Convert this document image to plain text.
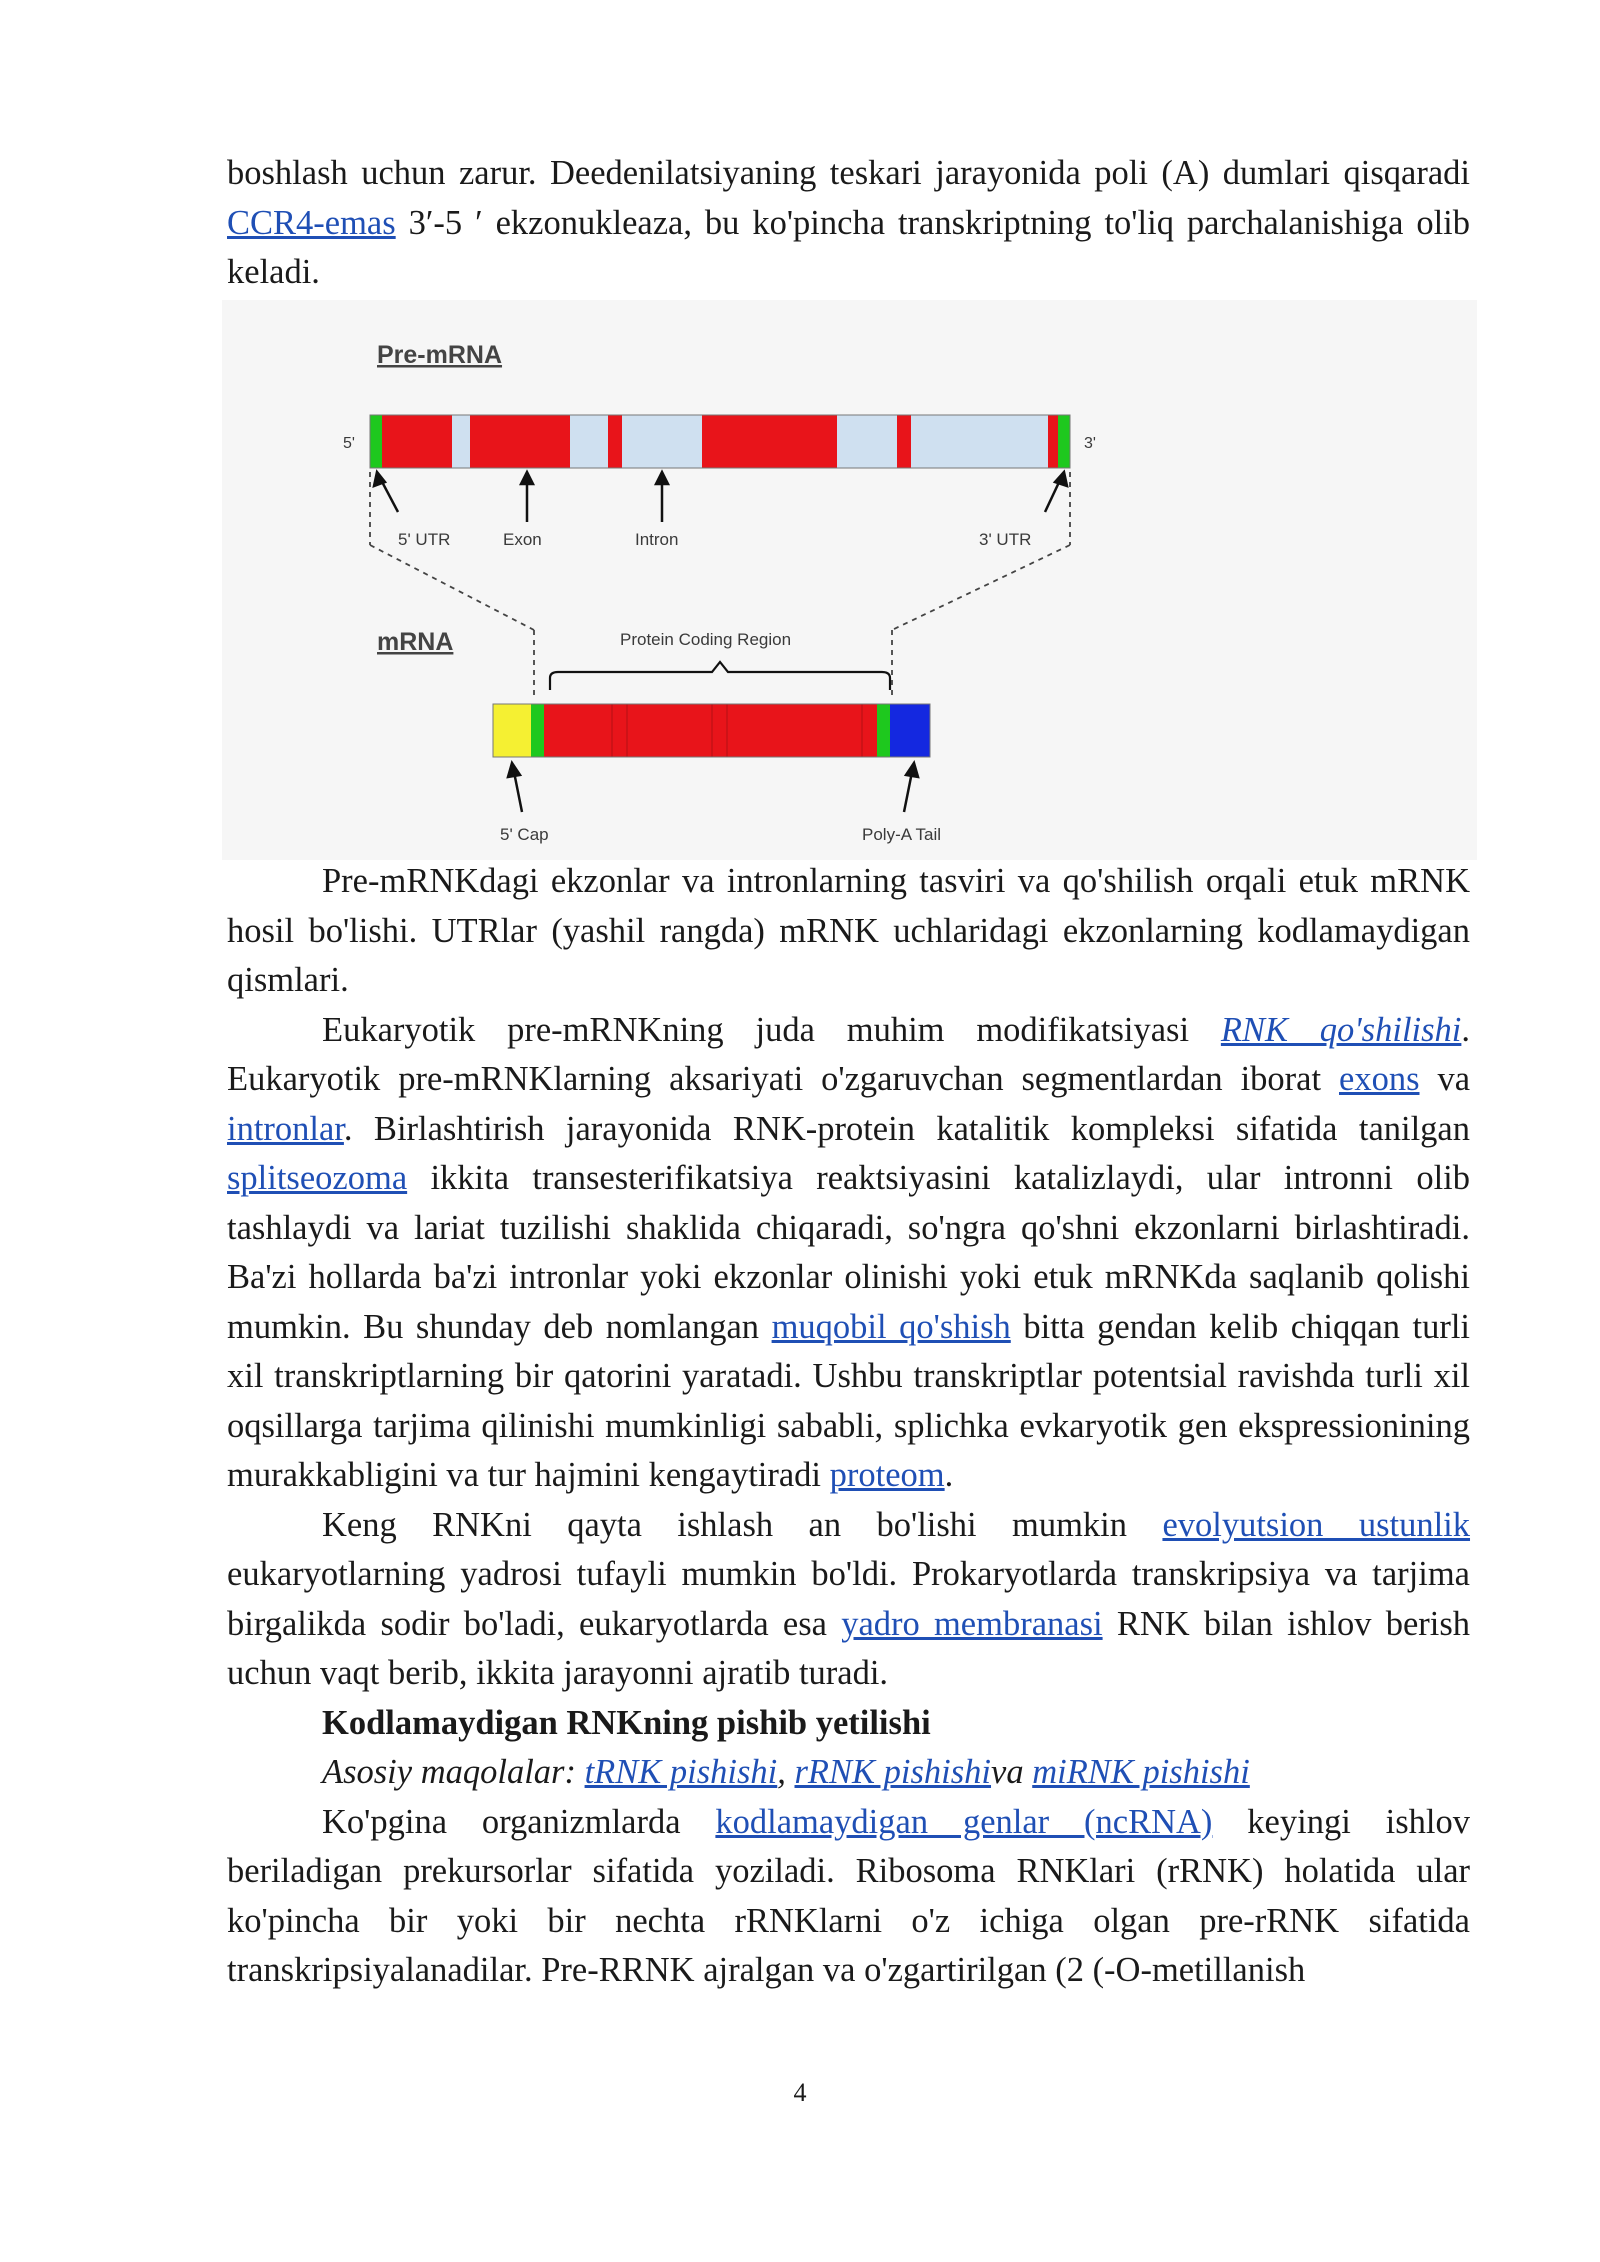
boshlash uchun zarur. Deedenilatsiyaning teskari jarayonida poli (A) dumlari qisqaradi CCR4-emas 3′-5 ′ ekzonukleaza, bu ko'pincha transkriptning to'liq parchalanishiga olib keladi.

Pre-mRNA
5'	3'
5' UTR	Exon	Intron	3' UTR
mRNA	Protein Coding Region
5' Cap	Poly-A Tail

Pre-mRNKdagi ekzonlar va intronlarning tasviri va qo'shilish orqali etuk mRNK hosil bo'lishi. UTRlar (yashil rangda) mRNK uchlaridagi ekzonlarning kodlamaydigan qismlari.

Eukaryotik pre-mRNKning juda muhim modifikatsiyasi RNK qo'shilishi. Eukaryotik pre-mRNKlarning aksariyati o'zgaruvchan segmentlardan iborat exons va intronlar. Birlashtirish jarayonida RNK-protein katalitik kompleksi sifatida tanilgan splitseozoma ikkita transesterifikatsiya reaktsiyasini katalizlaydi, ular intronni olib tashlaydi va lariat tuzilishi shaklida chiqaradi, so'ngra qo'shni ekzonlarni birlashtiradi. Ba'zi hollarda ba'zi intronlar yoki ekzonlar olinishi yoki etuk mRNKda saqlanib qolishi mumkin. Bu shunday deb nomlangan muqobil qo'shish bitta gendan kelib chiqqan turli xil transkriptlarning bir qatorini yaratadi. Ushbu transkriptlar potentsial ravishda turli xil oqsillarga tarjima qilinishi mumkinligi sababli, splichka evkaryotik gen ekspressionining murakkabligini va tur hajmini kengaytiradi proteom.

Keng RNKni qayta ishlash an bo'lishi mumkin evolyutsion ustunlik eukaryotlarning yadrosi tufayli mumkin bo'ldi. Prokaryotlarda transkripsiya va tarjima birgalikda sodir bo'ladi, eukaryotlarda esa yadro membranasi RNK bilan ishlov berish uchun vaqt berib, ikkita jarayonni ajratib turadi.

Kodlamaydigan RNKning pishib yetilishi

Asosiy maqolalar: tRNK pishishi, rRNK pishishiva miRNK pishishi

Ko'pgina organizmlarda kodlamaydigan genlar (ncRNA) keyingi ishlov beriladigan prekursorlar sifatida yoziladi. Ribosoma RNKlari (rRNK) holatida ular ko'pincha bir yoki bir nechta rRNKlarni o'z ichiga olgan pre-rRNK sifatida transkripsiyalanadilar. Pre-RRNK ajralgan va o'zgartirilgan (2 (-O-metillanish

4
